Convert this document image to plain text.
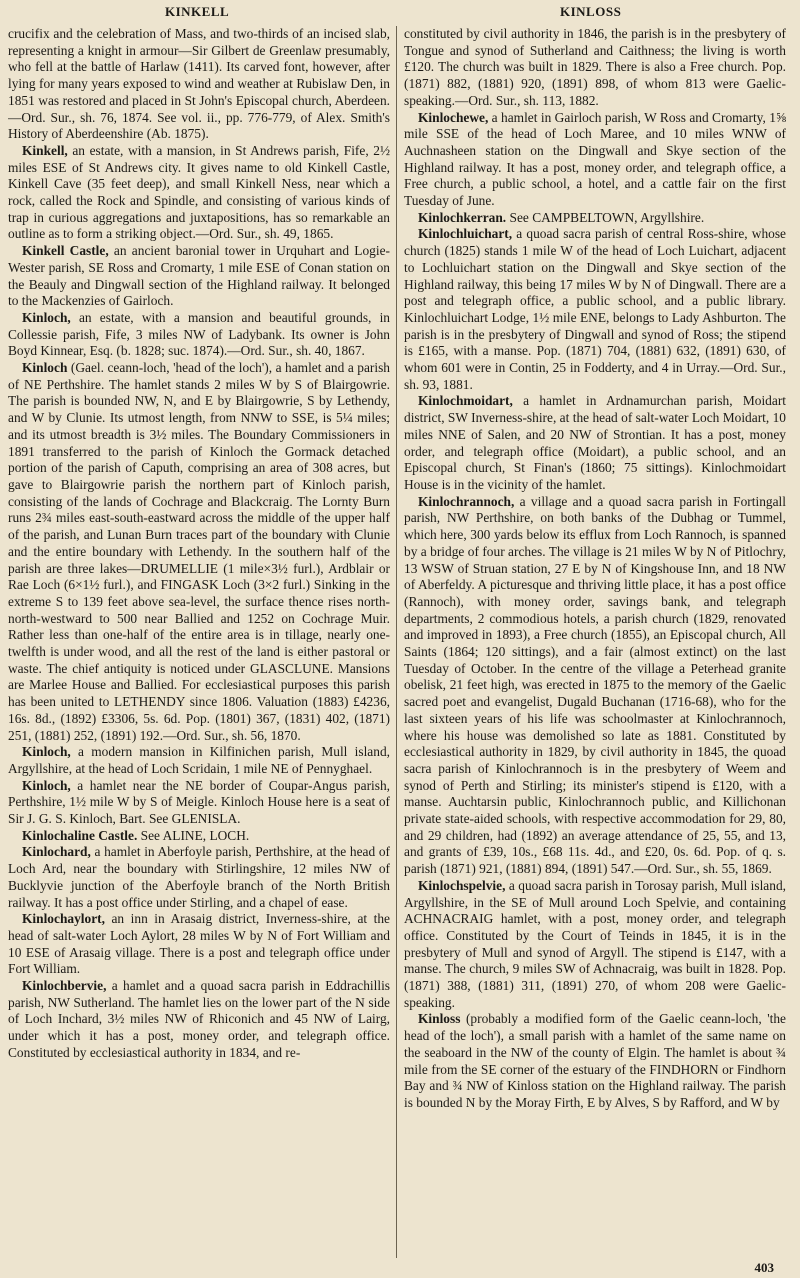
KINKELL	KINLOSS

crucifix and the celebration of Mass, and two-thirds of an incised slab, representing a knight in armour—Sir Gilbert de Greenlaw presumably, who fell at the battle of Harlaw (1411). Its carved font, however, after lying for many years exposed to wind and weather at Rubislaw Den, in 1851 was restored and placed in St John's Episcopal church, Aberdeen.—Ord. Sur., sh. 76, 1874. See vol. ii., pp. 776-779, of Alex. Smith's History of Aberdeenshire (Ab. 1875).

Kinkell, an estate, with a mansion, in St Andrews parish, Fife, 2½ miles ESE of St Andrews city. It gives name to old Kinkell Castle, Kinkell Cave (35 feet deep), and small Kinkell Ness, near which a rock, called the Rock and Spindle, and consisting of various kinds of trap in curious aggregations and juxtapositions, has so remarkable an outline as to form a striking object.—Ord. Sur., sh. 49, 1865.

Kinkell Castle, an ancient baronial tower in Urquhart and Logie-Wester parish, SE Ross and Cromarty, 1 mile ESE of Conan station on the Beauly and Dingwall section of the Highland railway. It belonged to the Mackenzies of Gairloch.

Kinloch, an estate, with a mansion and beautiful grounds, in Collessie parish, Fife, 3 miles NW of Ladybank. Its owner is John Boyd Kinnear, Esq. (b. 1828; suc. 1874).—Ord. Sur., sh. 40, 1867.

Kinloch (Gael. ceann-loch, 'head of the loch'), a hamlet and a parish of NE Perthshire. The hamlet stands 2 miles W by S of Blairgowrie. The parish is bounded NW, N, and E by Blairgowrie, S by Lethendy, and W by Clunie. Its utmost length, from NNW to SSE, is 5¼ miles; and its utmost breadth is 3½ miles. The Boundary Commissioners in 1891 transferred to the parish of Kinloch the Gormack detached portion of the parish of Caputh, comprising an area of 308 acres, but gave to Blairgowrie parish the northern part of Kinloch parish, consisting of the lands of Cochrage and Blackcraig. The Lornty Burn runs 2¾ miles east-south-eastward across the middle of the upper half of the parish, and Lunan Burn traces part of the boundary with Clunie and the entire boundary with Lethendy. In the southern half of the parish are three lakes—DRUMELLIE (1 mile×3½ furl.), Ardblair or Rae Loch (6×1½ furl.), and FINGASK Loch (3×2 furl.) Sinking in the extreme S to 139 feet above sea-level, the surface thence rises north-north-westward to 500 near Ballied and 1252 on Cochrage Muir. Rather less than one-half of the entire area is in tillage, nearly one-twelfth is under wood, and all the rest of the land is either pastoral or waste. The chief antiquity is noticed under GLASCLUNE. Mansions are Marlee House and Ballied. For ecclesiastical purposes this parish has been united to LETHENDY since 1806. Valuation (1883) £4236, 16s. 8d., (1892) £3306, 5s. 6d. Pop. (1801) 367, (1831) 402, (1871) 251, (1881) 252, (1891) 192.—Ord. Sur., sh. 56, 1870.

Kinloch, a modern mansion in Kilfinichen parish, Mull island, Argyllshire, at the head of Loch Scridain, 1 mile NE of Pennyghael.

Kinloch, a hamlet near the NE border of Coupar-Angus parish, Perthshire, 1½ mile W by S of Meigle. Kinloch House here is a seat of Sir J. G. S. Kinloch, Bart. See GLENISLA.

Kinlochaline Castle. See ALINE, LOCH.

Kinlochard, a hamlet in Aberfoyle parish, Perthshire, at the head of Loch Ard, near the boundary with Stirlingshire, 12 miles NW of Bucklyvie junction of the Aberfoyle branch of the North British railway. It has a post office under Stirling, and a chapel of ease.

Kinlochaylort, an inn in Arasaig district, Inverness-shire, at the head of salt-water Loch Aylort, 28 miles W by N of Fort William and 10 ESE of Arasaig village. There is a post and telegraph office under Fort William.

Kinlochbervie, a hamlet and a quoad sacra parish in Eddrachillis parish, NW Sutherland. The hamlet lies on the lower part of the N side of Loch Inchard, 3½ miles NW of Rhiconich and 45 NW of Lairg, under which it has a post, money order, and telegraph office. Constituted by ecclesiastical authority in 1834, and re-

constituted by civil authority in 1846, the parish is in the presbytery of Tongue and synod of Sutherland and Caithness; the living is worth £120. The church was built in 1829. There is also a Free church. Pop. (1871) 882, (1881) 920, (1891) 898, of whom 813 were Gaelic-speaking.—Ord. Sur., sh. 113, 1882.

Kinlochewe, a hamlet in Gairloch parish, W Ross and Cromarty, 1⅝ mile SSE of the head of Loch Maree, and 10 miles WNW of Auchnasheen station on the Dingwall and Skye section of the Highland railway. It has a post, money order, and telegraph office, a Free church, a public school, a hotel, and a cattle fair on the first Tuesday of June.

Kinlochkerran. See CAMPBELTOWN, Argyllshire.

Kinlochluichart, a quoad sacra parish of central Ross-shire, whose church (1825) stands 1 mile W of the head of Loch Luichart, adjacent to Lochluichart station on the Dingwall and Skye section of the Highland railway, this being 17 miles W by N of Dingwall. There are a post and telegraph office, a public school, and a public library. Kinlochluichart Lodge, 1½ mile ENE, belongs to Lady Ashburton. The parish is in the presbytery of Dingwall and synod of Ross; the stipend is £165, with a manse. Pop. (1871) 704, (1881) 632, (1891) 630, of whom 601 were in Contin, 25 in Fodderty, and 4 in Urray.—Ord. Sur., sh. 93, 1881.

Kinlochmoidart, a hamlet in Ardnamurchan parish, Moidart district, SW Inverness-shire, at the head of salt-water Loch Moidart, 10 miles NNE of Salen, and 20 NW of Strontian. It has a post, money order, and telegraph office (Moidart), a public school, and an Episcopal church, St Finan's (1860; 75 sittings). Kinlochmoidart House is in the vicinity of the hamlet.

Kinlochrannoch, a village and a quoad sacra parish in Fortingall parish, NW Perthshire, on both banks of the Dubhag or Tummel, which here, 300 yards below its efflux from Loch Rannoch, is spanned by a bridge of four arches. The village is 21 miles W by N of Pitlochry, 13 WSW of Struan station, 27 E by N of Kingshouse Inn, and 18 NW of Aberfeldy. A picturesque and thriving little place, it has a post office (Rannoch), with money order, savings bank, and telegraph departments, 2 commodious hotels, a parish church (1829, renovated and improved in 1893), a Free church (1855), an Episcopal church, All Saints (1864; 120 sittings), and a fair (almost extinct) on the last Tuesday of October. In the centre of the village a Peterhead granite obelisk, 21 feet high, was erected in 1875 to the memory of the Gaelic sacred poet and evangelist, Dugald Buchanan (1716-68), who for the last sixteen years of his life was schoolmaster at Kinlochrannoch, where his house was demolished so late as 1881. Constituted by ecclesiastical authority in 1829, by civil authority in 1845, the quoad sacra parish of Kinlochrannoch is in the presbytery of Weem and synod of Perth and Stirling; its minister's stipend is £120, with a manse. Auchtarsin public, Kinlochrannoch public, and Killichonan private state-aided schools, with respective accommodation for 29, 80, and 29 children, had (1892) an average attendance of 25, 55, and 13, and grants of £39, 10s., £68 11s. 4d., and £20, 0s. 6d. Pop. of q. s. parish (1871) 921, (1881) 894, (1891) 547.—Ord. Sur., sh. 55, 1869.

Kinlochspelvie, a quoad sacra parish in Torosay parish, Mull island, Argyllshire, in the SE of Mull around Loch Spelvie, and containing ACHNACRAIG hamlet, with a post, money order, and telegraph office. Constituted by the Court of Teinds in 1845, it is in the presbytery of Mull and synod of Argyll. The stipend is £147, with a manse. The church, 9 miles SW of Achnacraig, was built in 1828. Pop. (1871) 388, (1881) 311, (1891) 270, of whom 208 were Gaelic-speaking.

Kinloss (probably a modified form of the Gaelic ceann-loch, 'the head of the loch'), a small parish with a hamlet of the same name on the seaboard in the NW of the county of Elgin. The hamlet is about ¾ mile from the SE corner of the estuary of the FINDHORN or Findhorn Bay and ¾ NW of Kinloss station on the Highland railway. The parish is bounded N by the Moray Firth, E by Alves, S by Rafford, and W by

403
